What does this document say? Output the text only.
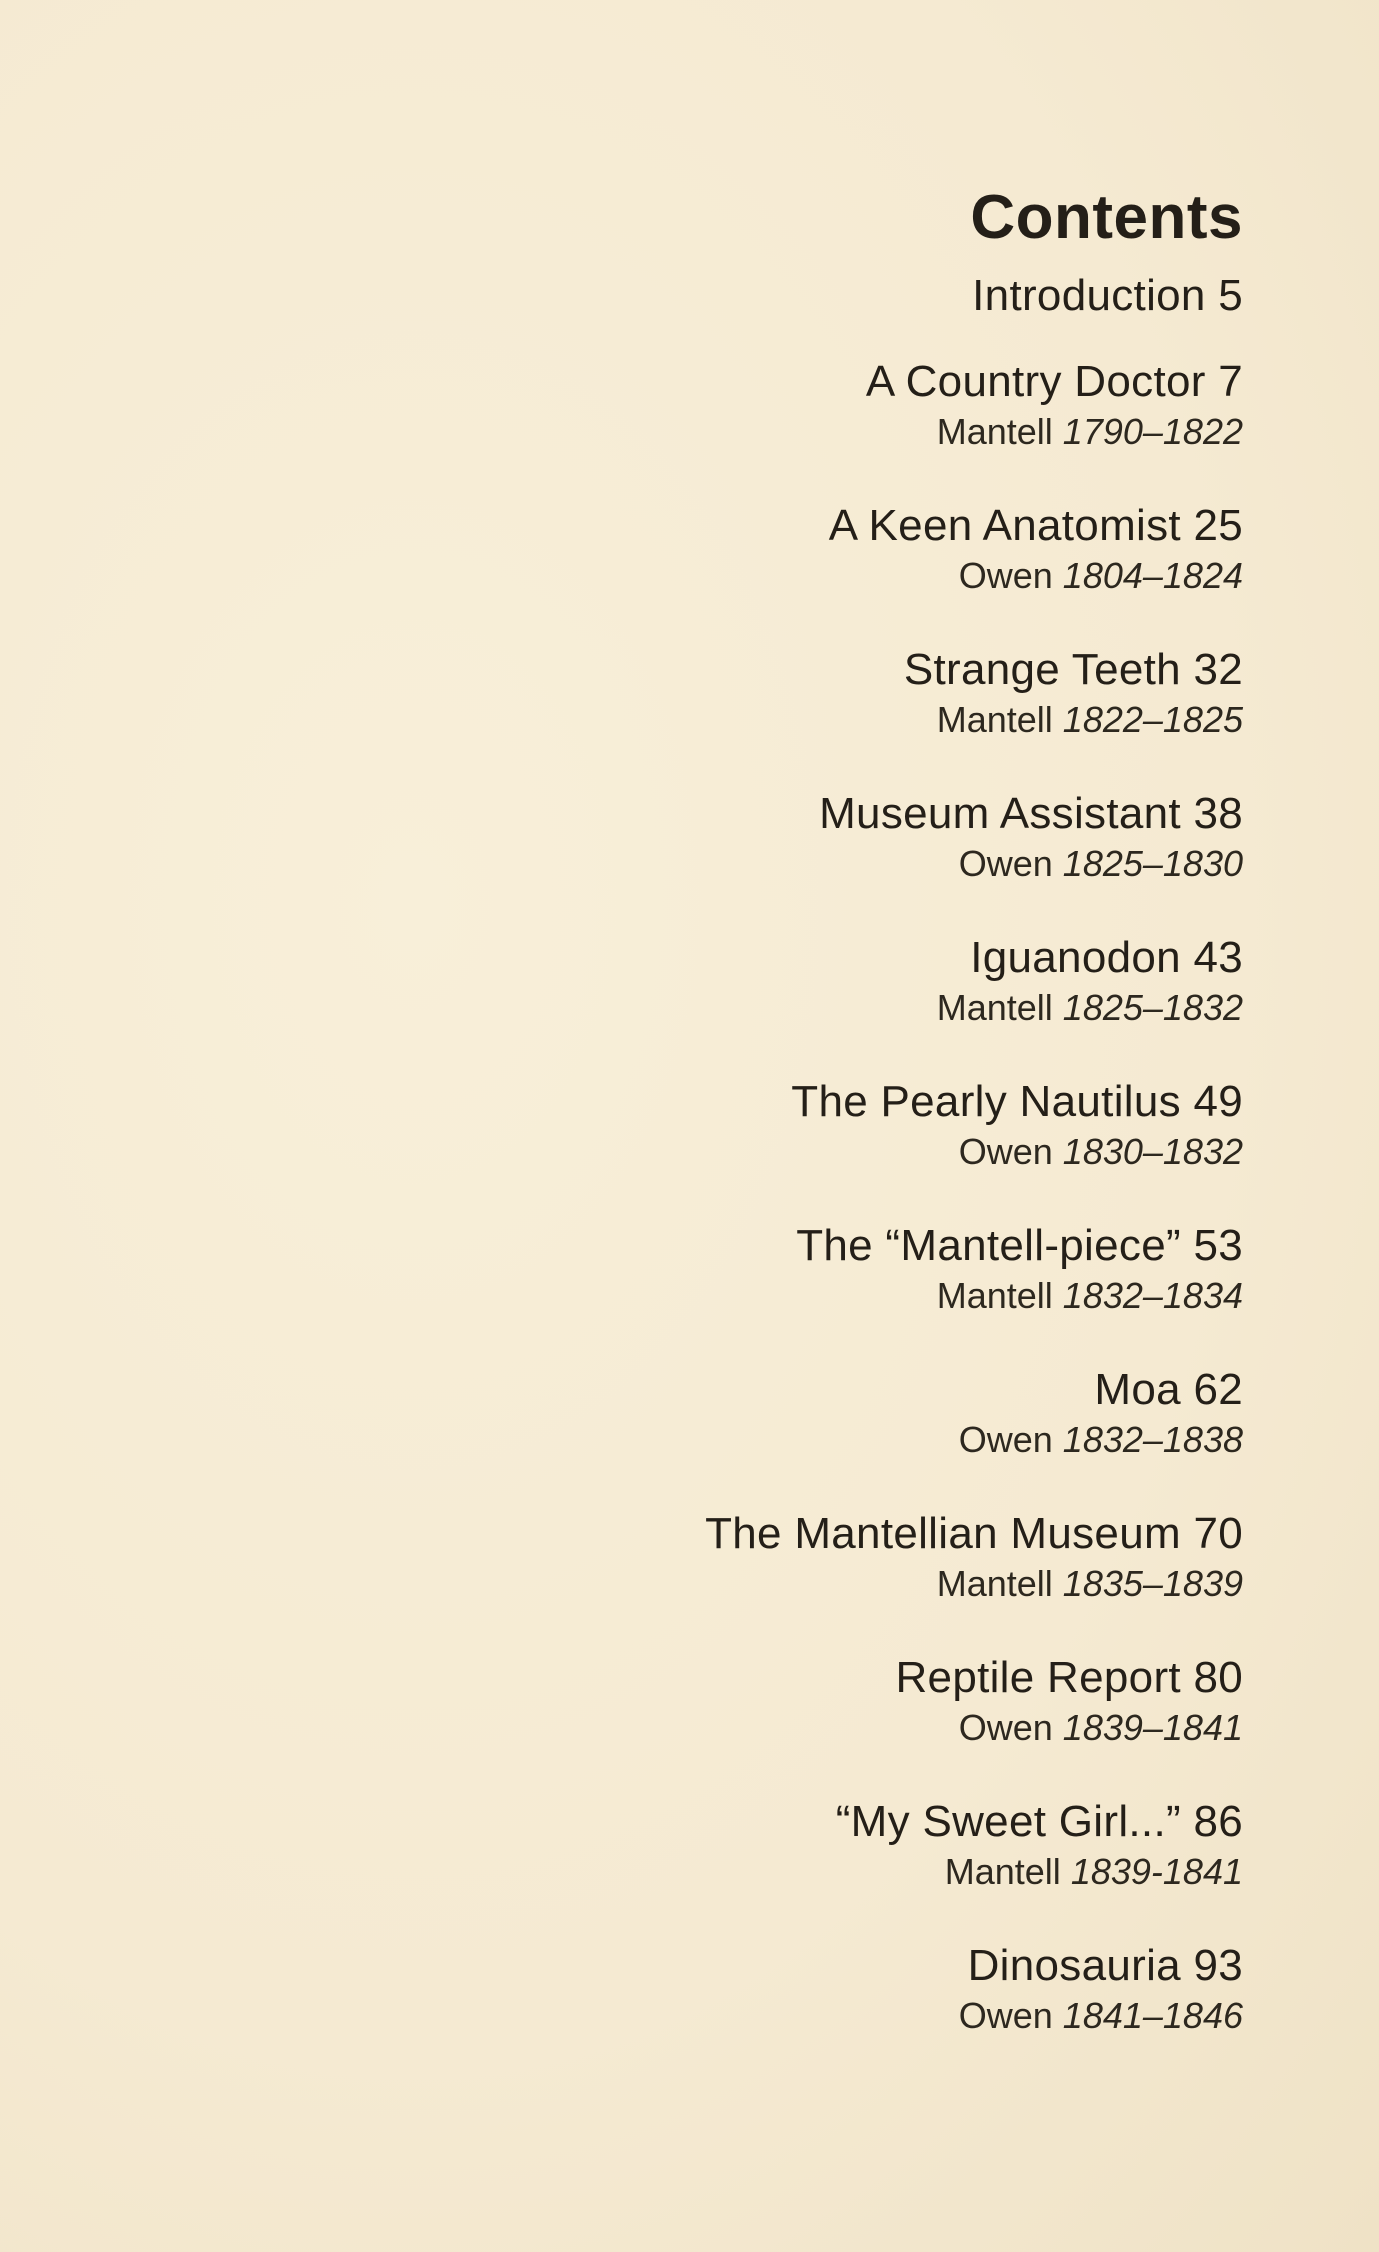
Contents
Introduction 5
A Country Doctor 7
Mantell 1790–1822
A Keen Anatomist 25
Owen 1804–1824
Strange Teeth 32
Mantell 1822–1825
Museum Assistant 38
Owen 1825–1830
Iguanodon 43
Mantell 1825–1832
The Pearly Nautilus 49
Owen 1830–1832
The “Mantell-piece” 53
Mantell 1832–1834
Moa 62
Owen 1832–1838
The Mantellian Museum 70
Mantell 1835–1839
Reptile Report 80
Owen 1839–1841
“My Sweet Girl...” 86
Mantell 1839-1841
Dinosauria 93
Owen 1841–1846
